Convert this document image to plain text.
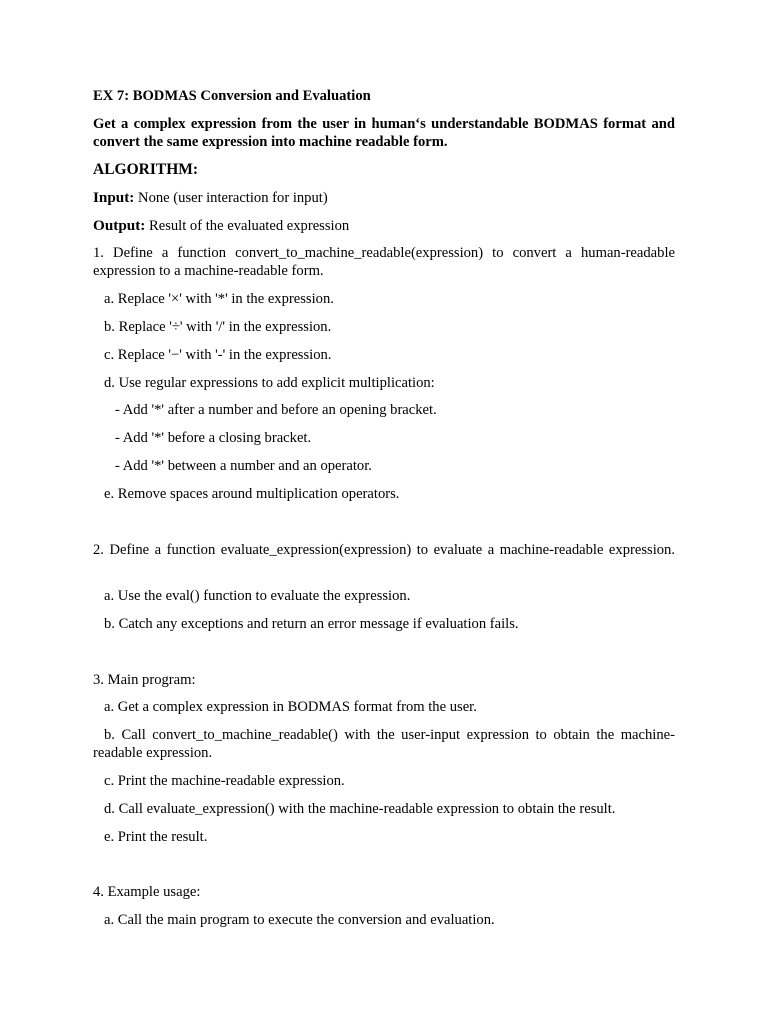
EX 7: BODMAS Conversion and Evaluation
Get a complex expression from the user in human‘s understandable BODMAS format and convert the same expression into machine readable form.
ALGORITHM:
Input: None (user interaction for input)
Output: Result of the evaluated expression
1. Define a function convert_to_machine_readable(expression) to convert a human-readable expression to a machine-readable form.
a. Replace '×' with '*' in the expression.
b. Replace '÷' with '/' in the expression.
c. Replace '−' with '-' in the expression.
d. Use regular expressions to add explicit multiplication:
- Add '*' after a number and before an opening bracket.
- Add '*' before a closing bracket.
- Add '*' between a number and an operator.
e. Remove spaces around multiplication operators.
2. Define a function evaluate_expression(expression) to evaluate a machine-readable expression.
a. Use the eval() function to evaluate the expression.
b. Catch any exceptions and return an error message if evaluation fails.
3. Main program:
a. Get a complex expression in BODMAS format from the user.
b. Call convert_to_machine_readable() with the user-input expression to obtain the machine-readable expression.
c. Print the machine-readable expression.
d. Call evaluate_expression() with the machine-readable expression to obtain the result.
e. Print the result.
4. Example usage:
a. Call the main program to execute the conversion and evaluation.
